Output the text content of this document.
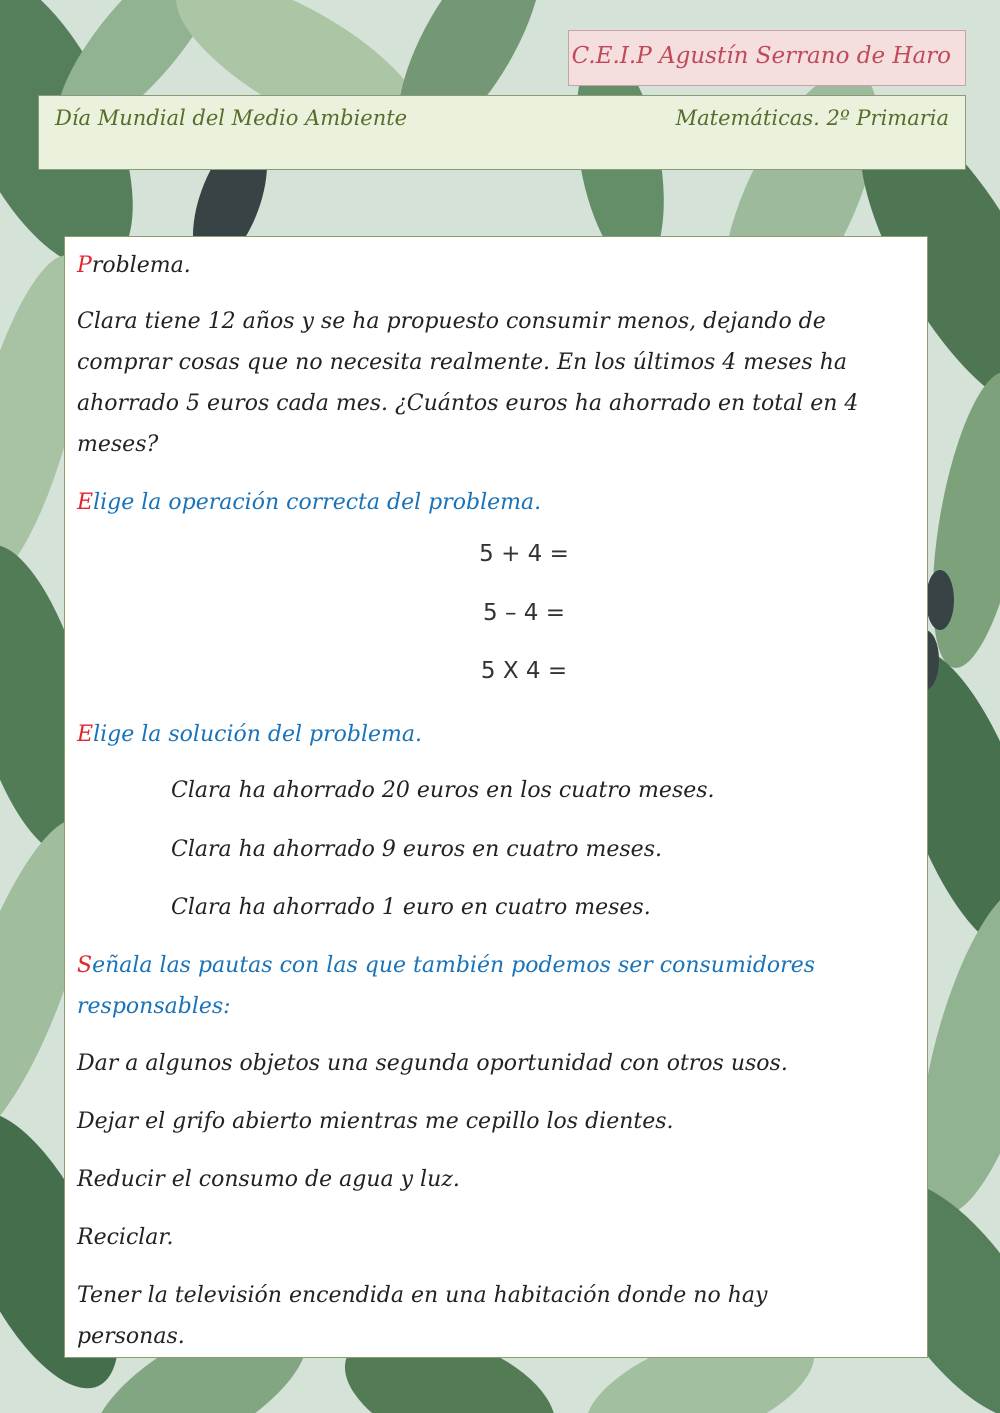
C.E.I.P Agustín Serrano de Haro
Día Mundial del Medio Ambiente	Matemáticas. 2º Primaria

Problema.

Clara tiene 12 años y se ha propuesto consumir menos, dejando de

comprar cosas que no necesita realmente. En los últimos 4 meses ha

ahorrado 5 euros cada mes. ¿Cuántos euros ha ahorrado en total en 4

meses?

Elige la operación correcta del problema.

5 + 4 =

5 – 4 =

5 X 4 =

Elige la solución del problema.

Clara ha ahorrado 20 euros en los cuatro meses.

Clara ha ahorrado 9 euros en cuatro meses.

Clara ha ahorrado 1 euro en cuatro meses.

Señala las pautas con las que también podemos ser consumidores

responsables:

Dar a algunos objetos una segunda oportunidad con otros usos.

Dejar el grifo abierto mientras me cepillo los dientes.

Reducir el consumo de agua y luz.

Reciclar.

Tener la televisión encendida en una habitación donde no hay

personas.
